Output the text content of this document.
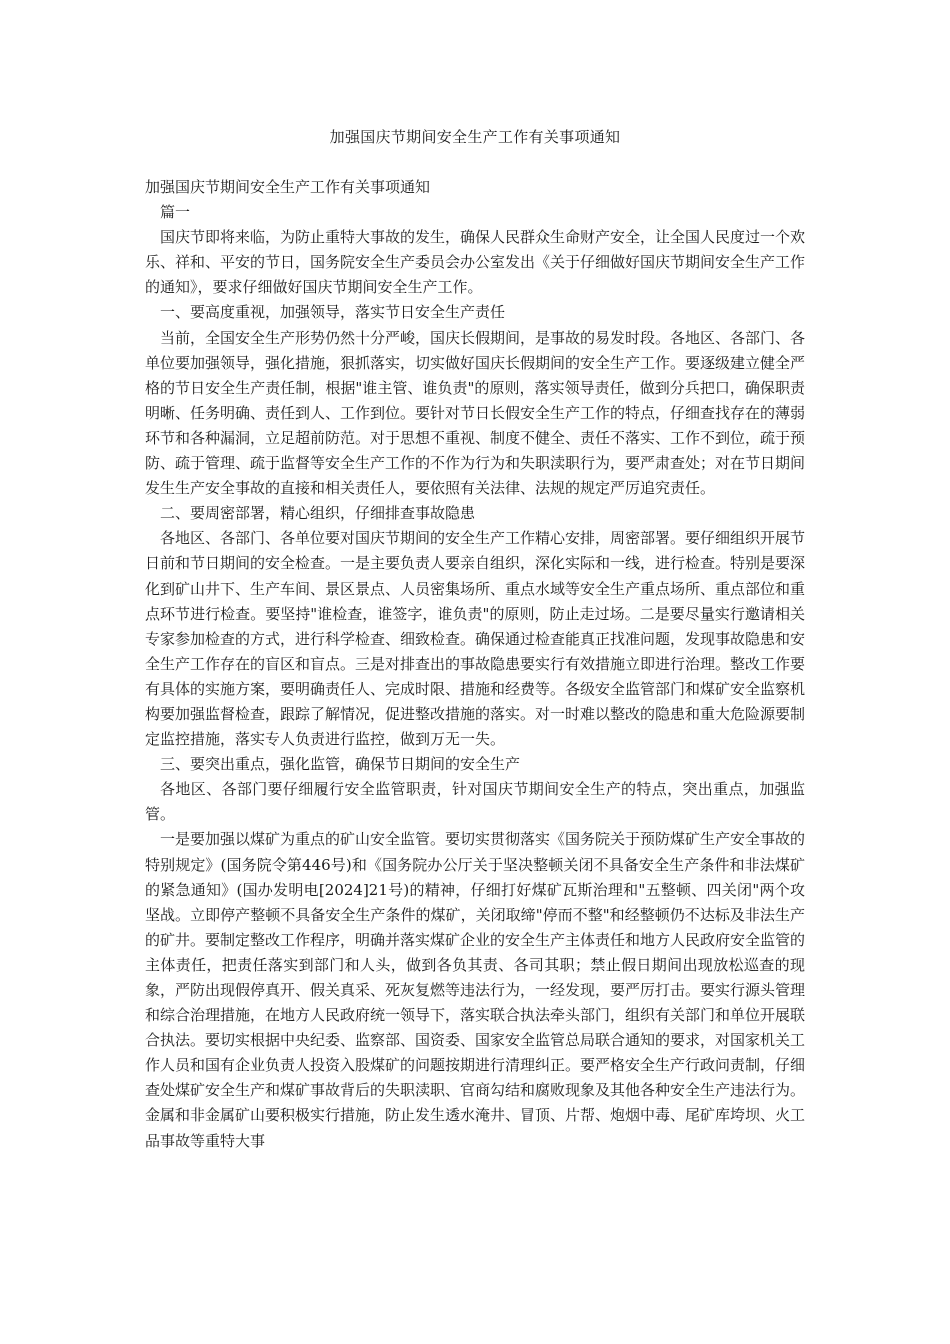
加强国庆节期间安全生产工作有关事项通知

加强国庆节期间安全生产工作有关事项通知

篇一

国庆节即将来临，为防止重特大事故的发生，确保人民群众生命财产安全，让全国人民度过一个欢乐、祥和、平安的节日，国务院安全生产委员会办公室发出《关于仔细做好国庆节期间安全生产工作的通知》，要求仔细做好国庆节期间安全生产工作。

一、要高度重视，加强领导，落实节日安全生产责任

当前，全国安全生产形势仍然十分严峻，国庆长假期间，是事故的易发时段。各地区、各部门、各单位要加强领导，强化措施，狠抓落实，切实做好国庆长假期间的安全生产工作。要逐级建立健全严格的节日安全生产责任制，根据"谁主管、谁负责"的原则，落实领导责任，做到分兵把口，确保职责明晰、任务明确、责任到人、工作到位。要针对节日长假安全生产工作的特点，仔细查找存在的薄弱环节和各种漏洞，立足超前防范。对于思想不重视、制度不健全、责任不落实、工作不到位，疏于预防、疏于管理、疏于监督等安全生产工作的不作为行为和失职渎职行为，要严肃查处；对在节日期间发生生产安全事故的直接和相关责任人，要依照有关法律、法规的规定严厉追究责任。

二、要周密部署，精心组织，仔细排查事故隐患

各地区、各部门、各单位要对国庆节期间的安全生产工作精心安排，周密部署。要仔细组织开展节日前和节日期间的安全检查。一是主要负责人要亲自组织，深化实际和一线，进行检查。特别是要深化到矿山井下、生产车间、景区景点、人员密集场所、重点水域等安全生产重点场所、重点部位和重点环节进行检查。要坚持"谁检查，谁签字，谁负责"的原则，防止走过场。二是要尽量实行邀请相关专家参加检查的方式，进行科学检查、细致检查。确保通过检查能真正找准问题，发现事故隐患和安全生产工作存在的盲区和盲点。三是对排查出的事故隐患要实行有效措施立即进行治理。整改工作要有具体的实施方案，要明确责任人、完成时限、措施和经费等。各级安全监管部门和煤矿安全监察机构要加强监督检查，跟踪了解情况，促进整改措施的落实。对一时难以整改的隐患和重大危险源要制定监控措施，落实专人负责进行监控，做到万无一失。

三、要突出重点，强化监管，确保节日期间的安全生产

各地区、各部门要仔细履行安全监管职责，针对国庆节期间安全生产的特点，突出重点，加强监管。

一是要加强以煤矿为重点的矿山安全监管。要切实贯彻落实《国务院关于预防煤矿生产安全事故的特别规定》(国务院令第446号)和《国务院办公厅关于坚决整顿关闭不具备安全生产条件和非法煤矿的紧急通知》(国办发明电[2024]21号)的精神，仔细打好煤矿瓦斯治理和"五整顿、四关闭"两个攻坚战。立即停产整顿不具备安全生产条件的煤矿，关闭取缔"停而不整"和经整顿仍不达标及非法生产的矿井。要制定整改工作程序，明确并落实煤矿企业的安全生产主体责任和地方人民政府安全监管的主体责任，把责任落实到部门和人头，做到各负其责、各司其职；禁止假日期间出现放松巡查的现象，严防出现假停真开、假关真采、死灰复燃等违法行为，一经发现，要严厉打击。要实行源头管理和综合治理措施，在地方人民政府统一领导下，落实联合执法牵头部门，组织有关部门和单位开展联合执法。要切实根据中央纪委、监察部、国资委、国家安全监管总局联合通知的要求，对国家机关工作人员和国有企业负责人投资入股煤矿的问题按期进行清理纠正。要严格安全生产行政问责制，仔细查处煤矿安全生产和煤矿事故背后的失职渎职、官商勾结和腐败现象及其他各种安全生产违法行为。金属和非金属矿山要积极实行措施，防止发生透水淹井、冒顶、片帮、炮烟中毒、尾矿库垮坝、火工品事故等重特大事
